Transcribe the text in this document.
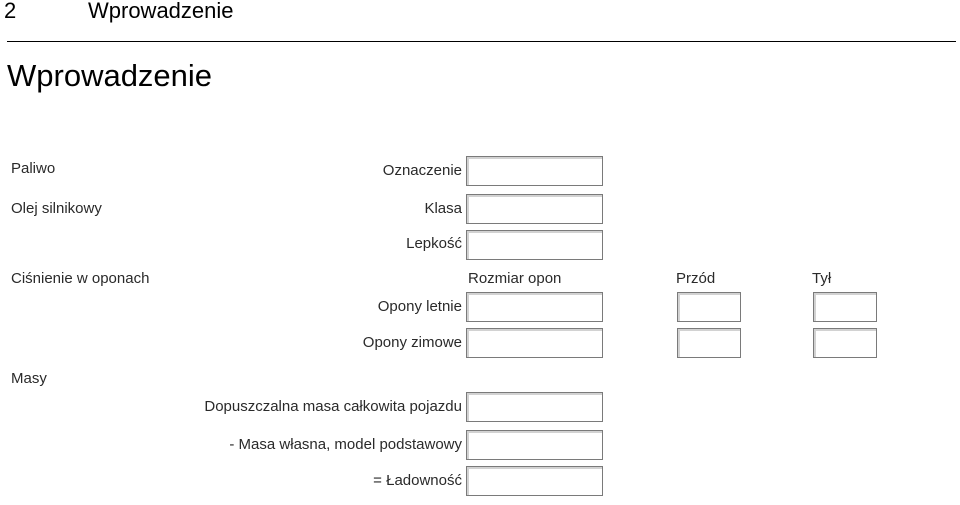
2	Wprowadzenie
Wprowadzenie
Paliwo	Oznaczenie
Olej silnikowy	Klasa
Lepkość
Ciśnienie w oponach	Rozmiar opon	Przód	Tył
Opony letnie
Opony zimowe
Masy
Dopuszczalna masa całkowita pojazdu
- Masa własna, model podstawowy
= Ładowność
